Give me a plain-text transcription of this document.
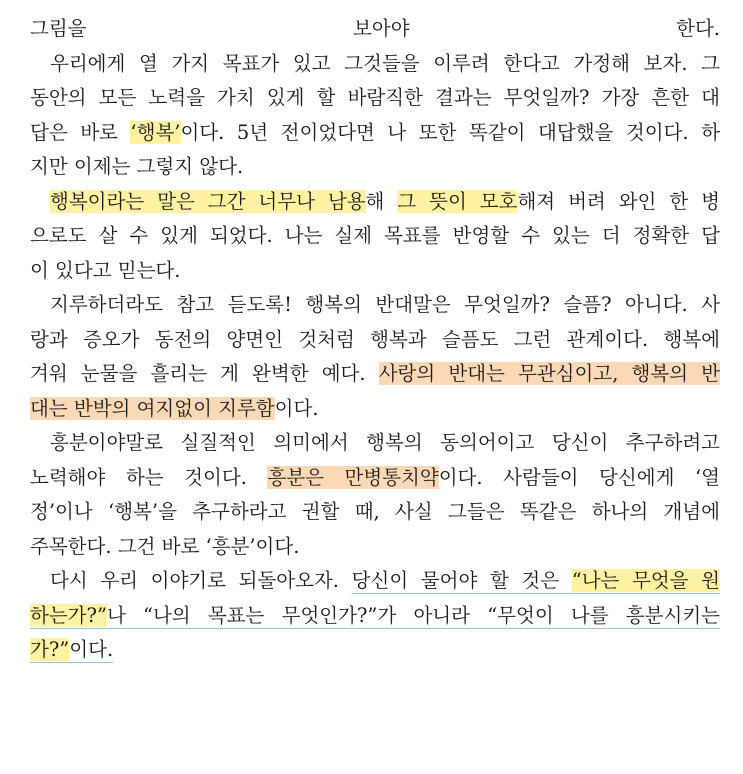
그림을 보아야 한다.
우리에게 열 가지 목표가 있고 그것들을 이루려 한다고 가정해 보자. 그
동안의 모든 노력을 가치 있게 할 바람직한 결과는 무엇일까? 가장 흔한 대
답은 바로 ‘행복’이다. 5년 전이었다면 나 또한 똑같이 대답했을 것이다. 하
지만 이제는 그렇지 않다.
행복이라는 말은 그간 너무나 남용해 그 뜻이 모호해져 버려 와인 한 병
으로도 살 수 있게 되었다. 나는 실제 목표를 반영할 수 있는 더 정확한 답
이 있다고 믿는다.
지루하더라도 참고 듣도록! 행복의 반대말은 무엇일까? 슬픔? 아니다. 사
랑과 증오가 동전의 양면인 것처럼 행복과 슬픔도 그런 관계이다. 행복에
겨워 눈물을 흘리는 게 완벽한 예다. 사랑의 반대는 무관심이고, 행복의 반
대는 반박의 여지없이 지루함이다.
흥분이야말로 실질적인 의미에서 행복의 동의어이고 당신이 추구하려고
노력해야 하는 것이다. 흥분은 만병통치약이다. 사람들이 당신에게 ‘열
정’이나 ‘행복’을 추구하라고 권할 때, 사실 그들은 똑같은 하나의 개념에
주목한다. 그건 바로 ‘흥분’이다.
다시 우리 이야기로 되돌아오자. 당신이 물어야 할 것은 “나는 무엇을 원
하는가?”나 “나의 목표는 무엇인가?”가 아니라 “무엇이 나를 흥분시키는
가?”이다.
